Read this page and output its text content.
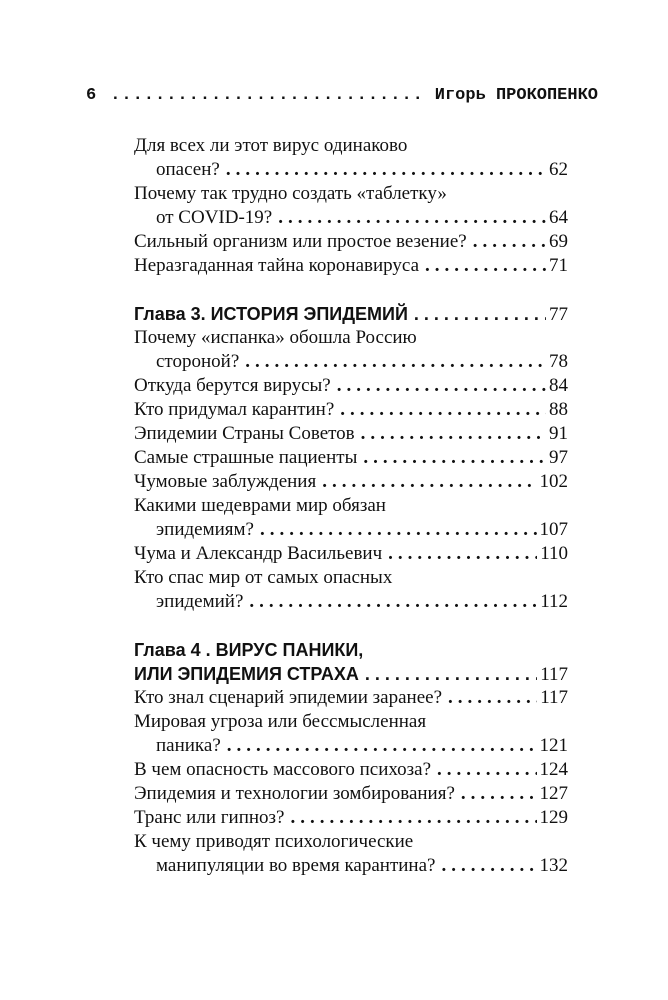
6 .....	Игорь ПРОКОПЕНКО
Для всех ли этот вирус одинаково
опасен? .....	62
Почему так трудно создать «таблетку»
от COVID-19? .....	64
Сильный организм или простое везение? .....	69
Неразгаданная тайна коронавируса .....	71
Глава 3. ИСТОРИЯ ЭПИДЕМИЙ .....	77
Почему «испанка» обошла Россию
стороной? .....	78
Откуда берутся вирусы? .....	84
Кто придумал карантин? .....	88
Эпидемии Страны Советов .....	91
Самые страшные пациенты .....	97
Чумовые заблуждения .....	102
Какими шедеврами мир обязан
эпидемиям? .....	107
Чума и Александр Васильевич .....	110
Кто спас мир от самых опасных
эпидемий? .....	112
Глава 4 . ВИРУС ПАНИКИ,
ИЛИ ЭПИДЕМИЯ СТРАХА .....	117
Кто знал сценарий эпидемии заранее? .....	117
Мировая угроза или бессмысленная
паника? .....	121
В чем опасность массового психоза? .....	124
Эпидемия и технологии зомбирования? .....	127
Транс или гипноз? .....	129
К чему приводят психологические
манипуляции во время карантина? .....	132
